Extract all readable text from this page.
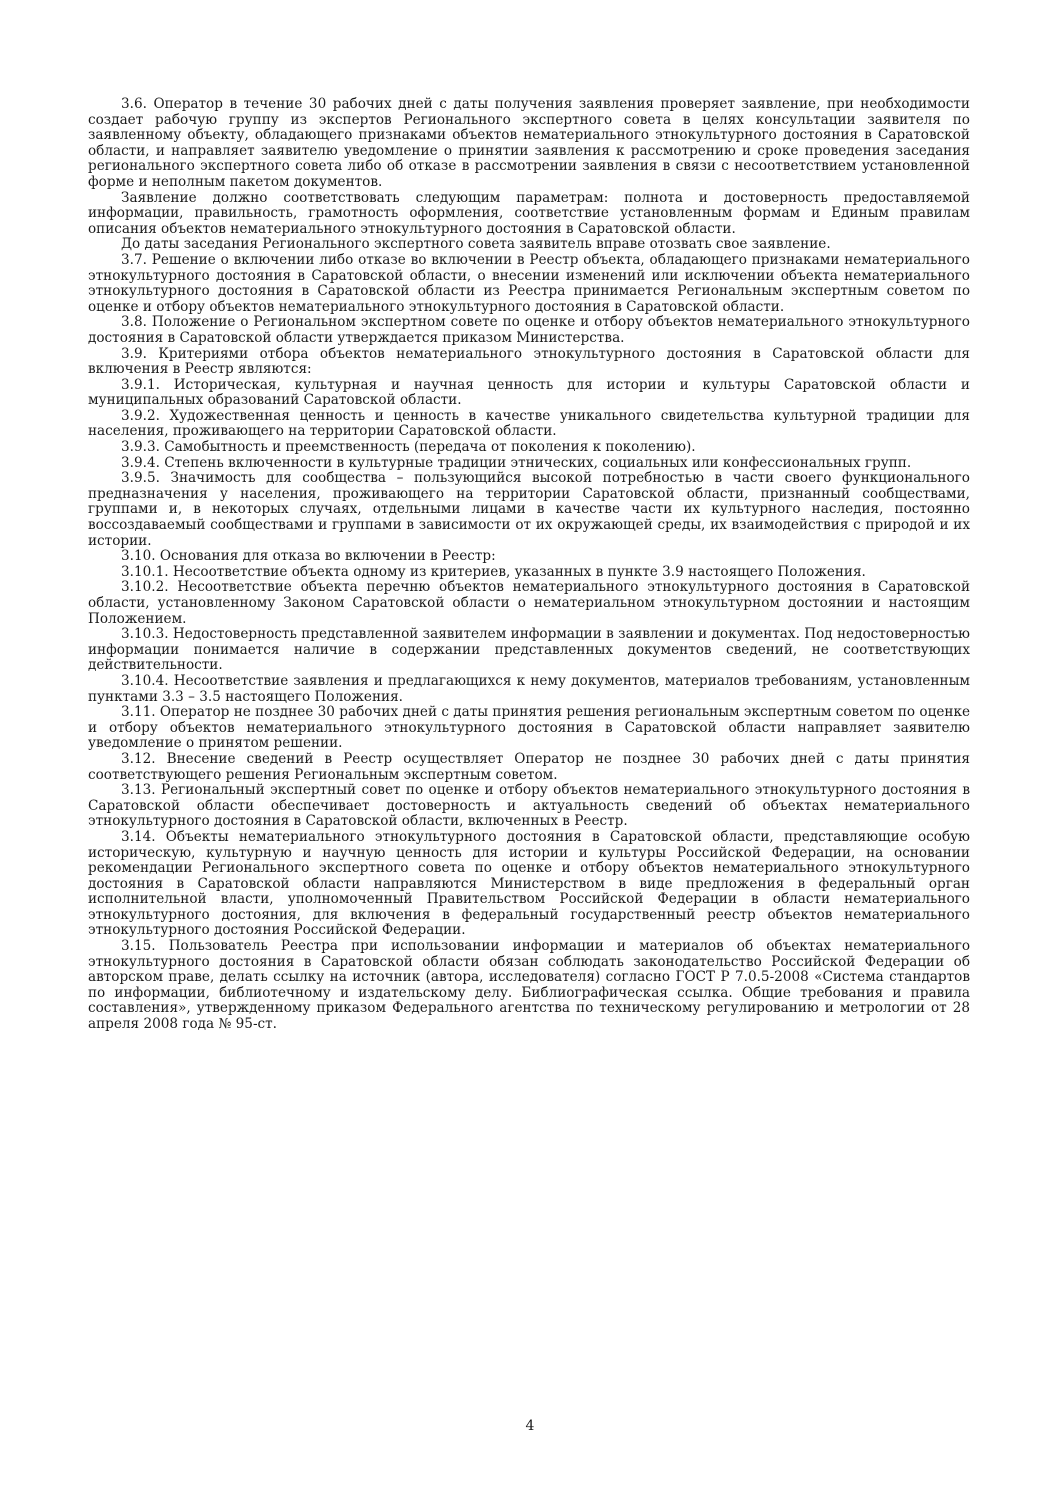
3.6. Оператор в течение 30 рабочих дней с даты получения заявления проверяет заявление, при необходимости создает рабочую группу из экспертов Регионального экспертного совета в целях консультации заявителя по заявленному объекту, обладающего признаками объектов нематериального этнокультурного достояния в Саратовской области, и направляет заявителю уведомление о принятии заявления к рассмотрению и сроке проведения заседания регионального экспертного совета либо об отказе в рассмотрении заявления в связи с несоответствием установленной форме и неполным пакетом документов.

Заявление должно соответствовать следующим параметрам: полнота и достоверность предоставляемой информации, правильность, грамотность оформления, соответствие установленным формам и Единым правилам описания объектов нематериального этнокультурного достояния в Саратовской области.

До даты заседания Регионального экспертного совета заявитель вправе отозвать свое заявление.

3.7. Решение о включении либо отказе во включении в Реестр объекта, обладающего признаками нематериального этнокультурного достояния в Саратовской области, о внесении изменений или исключении объекта нематериального этнокультурного достояния в Саратовской области из Реестра принимается Региональным экспертным советом по оценке и отбору объектов нематериального этнокультурного достояния в Саратовской области.

3.8. Положение о Региональном экспертном совете по оценке и отбору объектов нематериального этнокультурного достояния в Саратовской области утверждается приказом Министерства.

3.9. Критериями отбора объектов нематериального этнокультурного достояния в Саратовской области для включения в Реестр являются:

3.9.1. Историческая, культурная и научная ценность для истории и культуры Саратовской области и муниципальных образований Саратовской области.

3.9.2. Художественная ценность и ценность в качестве уникального свидетельства культурной традиции для населения, проживающего на территории Саратовской области.

3.9.3. Самобытность и преемственность (передача от поколения к поколению).

3.9.4. Степень включенности в культурные традиции этнических, социальных или конфессиональных групп.

3.9.5. Значимость для сообщества – пользующийся высокой потребностью в части своего функционального предназначения у населения, проживающего на территории Саратовской области, признанный сообществами, группами и, в некоторых случаях, отдельными лицами в качестве части их культурного наследия, постоянно воссоздаваемый сообществами и группами в зависимости от их окружающей среды, их взаимодействия с природой и их истории.

3.10. Основания для отказа во включении в Реестр:

3.10.1. Несоответствие объекта одному из критериев, указанных в пункте 3.9 настоящего Положения.

3.10.2. Несоответствие объекта перечню объектов нематериального этнокультурного достояния в Саратовской области, установленному Законом Саратовской области о нематериальном этнокультурном достоянии и настоящим Положением.

3.10.3. Недостоверность представленной заявителем информации в заявлении и документах. Под недостоверностью информации понимается наличие в содержании представленных документов сведений, не соответствующих действительности.

3.10.4. Несоответствие заявления и предлагающихся к нему документов, материалов требованиям, установленным пунктами 3.3 – 3.5 настоящего Положения.

3.11. Оператор не позднее 30 рабочих дней с даты принятия решения региональным экспертным советом по оценке и отбору объектов нематериального этнокультурного достояния в Саратовской области направляет заявителю уведомление о принятом решении.

3.12. Внесение сведений в Реестр осуществляет Оператор не позднее 30 рабочих дней с даты принятия соответствующего решения Региональным экспертным советом.

3.13. Региональный экспертный совет по оценке и отбору объектов нематериального этнокультурного достояния в Саратовской области обеспечивает достоверность и актуальность сведений об объектах нематериального этнокультурного достояния в Саратовской области, включенных в Реестр.

3.14. Объекты нематериального этнокультурного достояния в Саратовской области, представляющие особую историческую, культурную и научную ценность для истории и культуры Российской Федерации, на основании рекомендации Регионального экспертного совета по оценке и отбору объектов нематериального этнокультурного достояния в Саратовской области направляются Министерством в виде предложения в федеральный орган исполнительной власти, уполномоченный Правительством Российской Федерации в области нематериального этнокультурного достояния, для включения в федеральный государственный реестр объектов нематериального этнокультурного достояния Российской Федерации.

3.15. Пользователь Реестра при использовании информации и материалов об объектах нематериального этнокультурного достояния в Саратовской области обязан соблюдать законодательство Российской Федерации об авторском праве, делать ссылку на источник (автора, исследователя) согласно ГОСТ Р 7.0.5-2008 «Система стандартов по информации, библиотечному и издательскому делу. Библиографическая ссылка. Общие требования и правила составления», утвержденному приказом Федерального агентства по техническому регулированию и метрологии от 28 апреля 2008 года № 95-ст.

4
